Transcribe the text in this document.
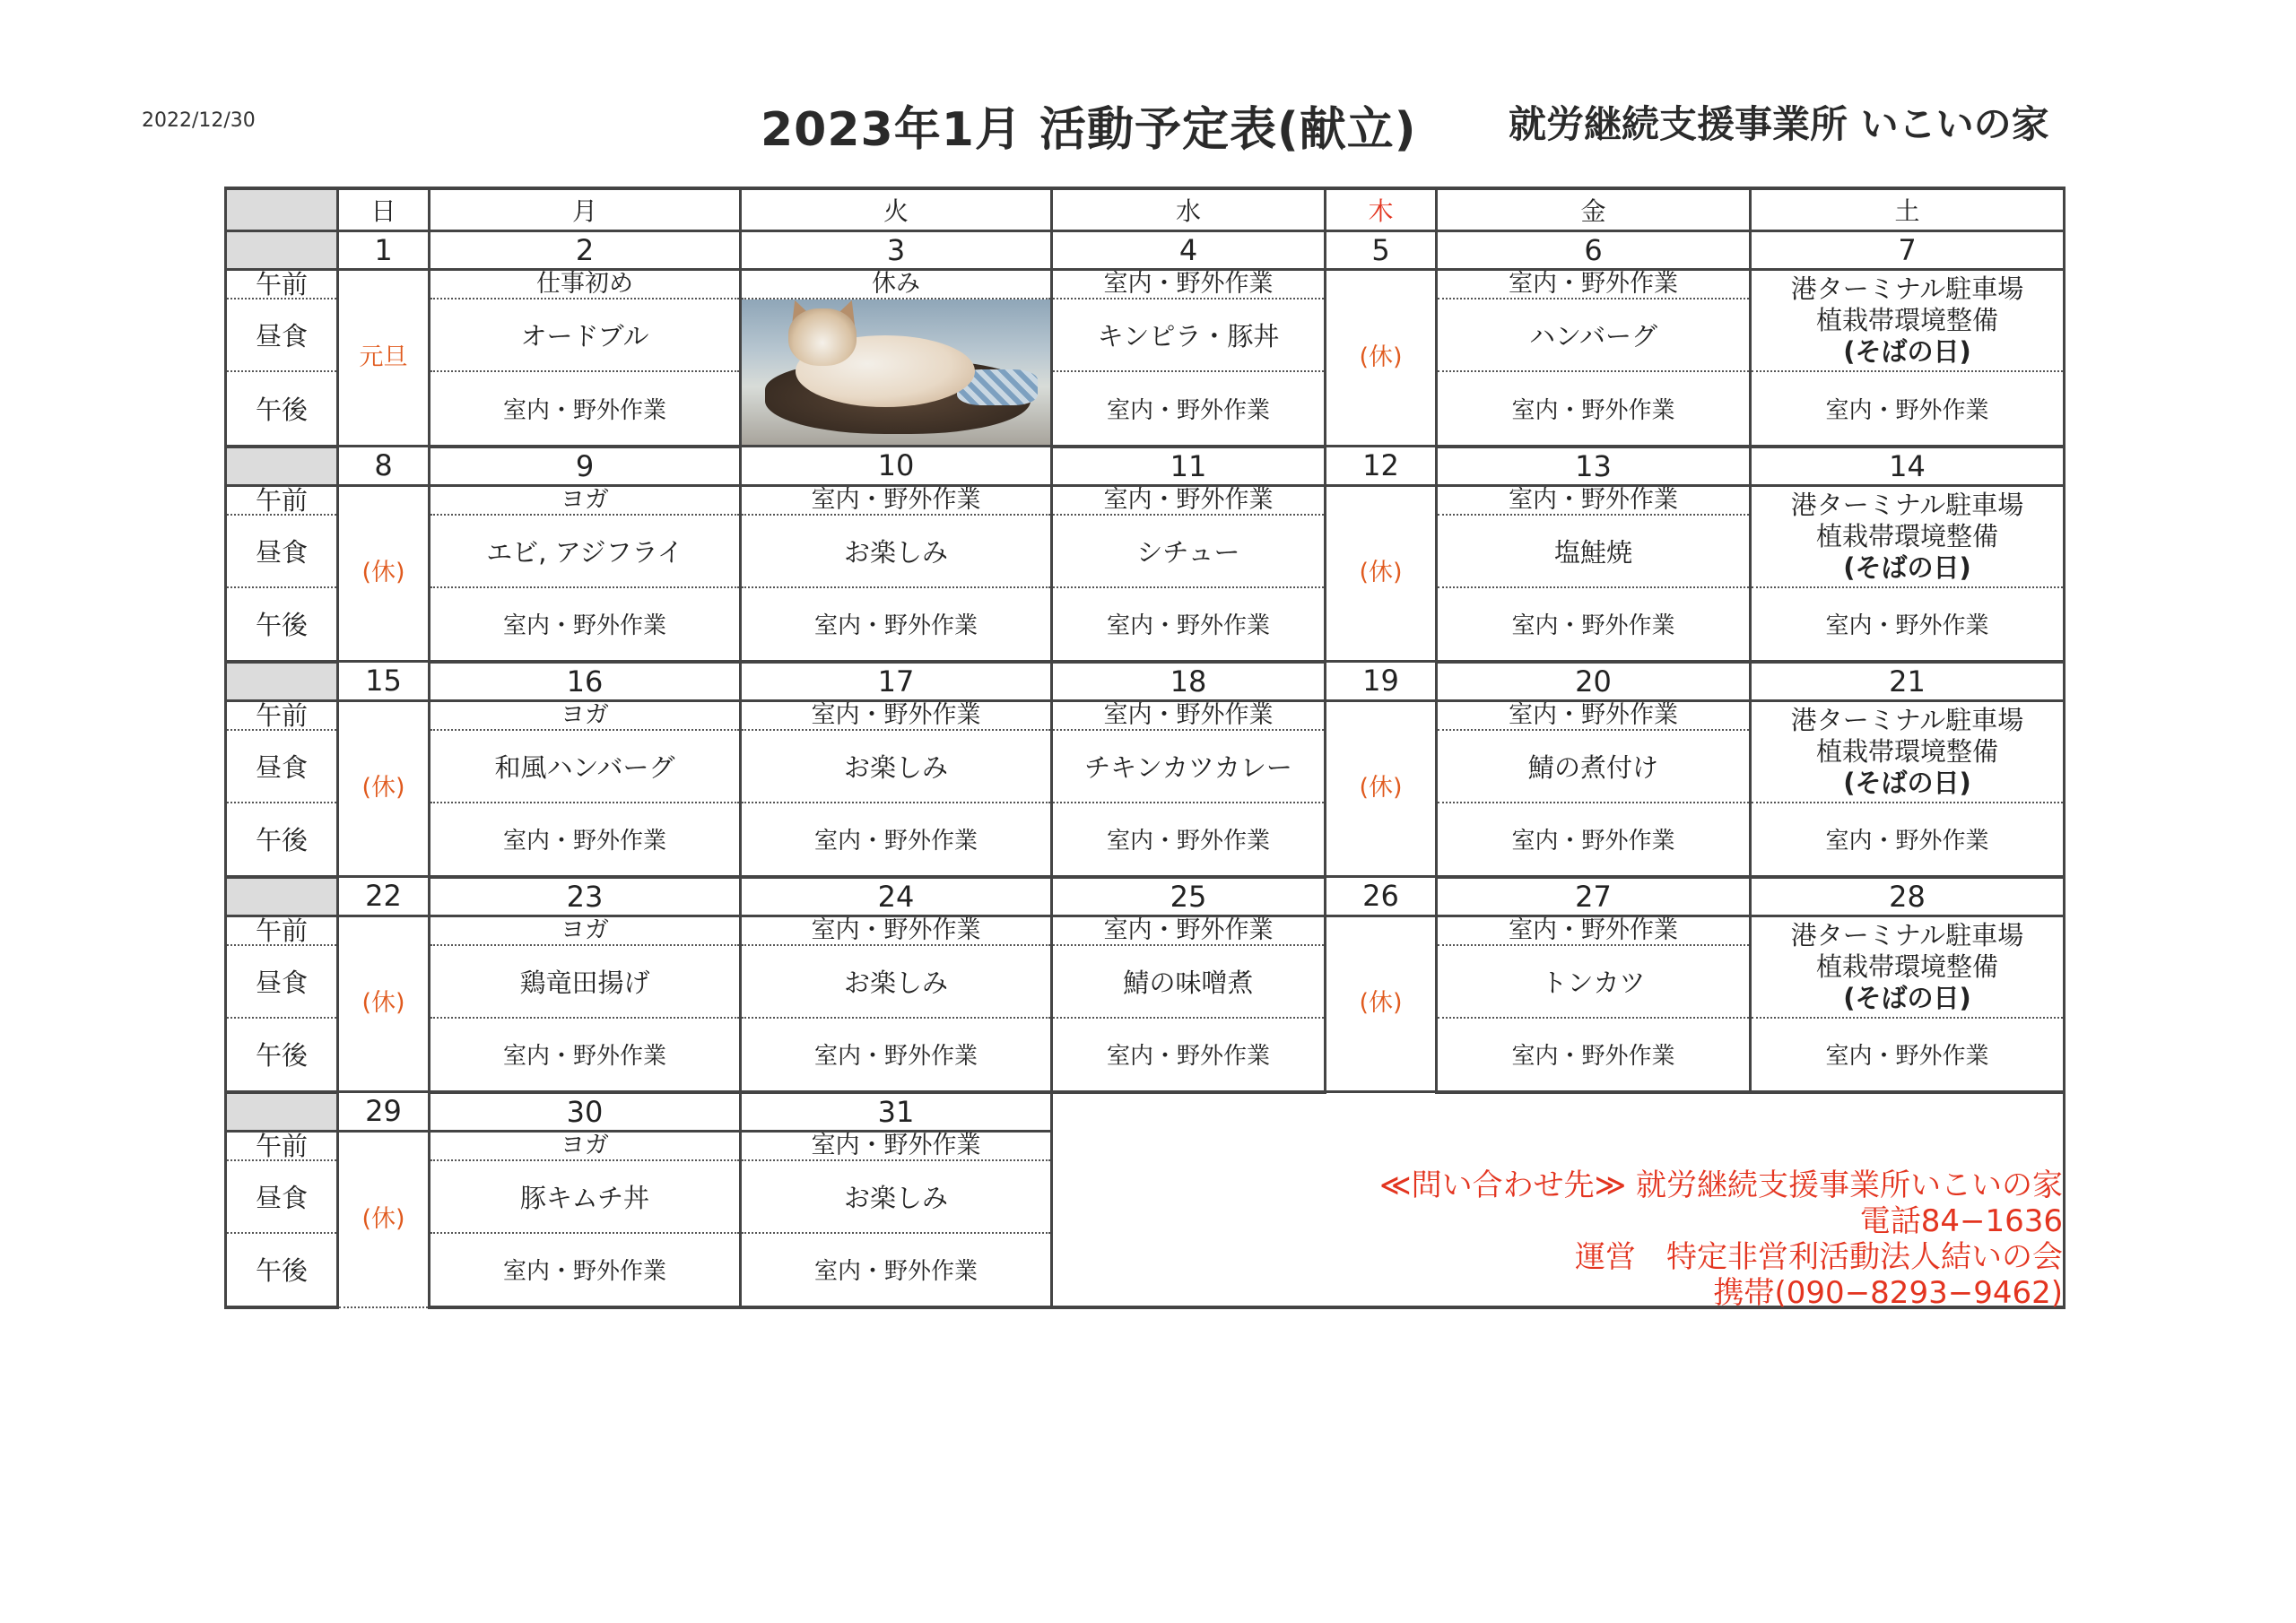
2022/12/30	2023年1月 活動予定表(献立) 就労継続支援事業所 いこいの家
	日	月	火	水	木	金	土
	1	2	3	4	5	6	7
午前	元旦	仕事初め	休み	室内・野外作業	(休)	室内・野外作業	港ターミナル駐車場
植栽帯環境整備
(そばの日)

昼食		オードブル		キンピラ・豚丼		ハンバーグ	
午後		室内・野外作業		室内・野外作業		室内・野外作業	室内・野外作業
	8	9	10	11	12	13	14
午前	(休)	ヨガ	室内・野外作業	室内・野外作業	(休)	室内・野外作業	港ターミナル駐車場
植栽帯環境整備
(そばの日)

昼食		エビ, アジフライ	お楽しみ	シチュー		塩鮭焼	
午後		室内・野外作業	室内・野外作業	室内・野外作業		室内・野外作業	室内・野外作業
	15	16	17	18	19	20	21
午前	(休)	ヨガ	室内・野外作業	室内・野外作業	(休)	室内・野外作業	港ターミナル駐車場
植栽帯環境整備
(そばの日)

昼食		和風ハンバーグ	お楽しみ	チキンカツカレー		鯖の煮付け	
午後		室内・野外作業	室内・野外作業	室内・野外作業		室内・野外作業	室内・野外作業
	22	23	24	25	26	27	28
午前	(休)	ヨガ	室内・野外作業	室内・野外作業	(休)	室内・野外作業	港ターミナル駐車場
植栽帯環境整備
(そばの日)

昼食		鶏竜田揚げ	お楽しみ	鯖の味噌煮		トンカツ	
午後		室内・野外作業	室内・野外作業	室内・野外作業		室内・野外作業	室内・野外作業
	29	30	31				
午前	(休)	ヨガ	室内・野外作業				
昼食		豚キムチ丼	お楽しみ				
午後		室内・野外作業	室内・野外作業				
≪問い合わせ先≫ 就労継続支援事業所いこいの家
電話84−1636
運営　特定非営利活動法人結いの会
携帯(090−8293−9462)
